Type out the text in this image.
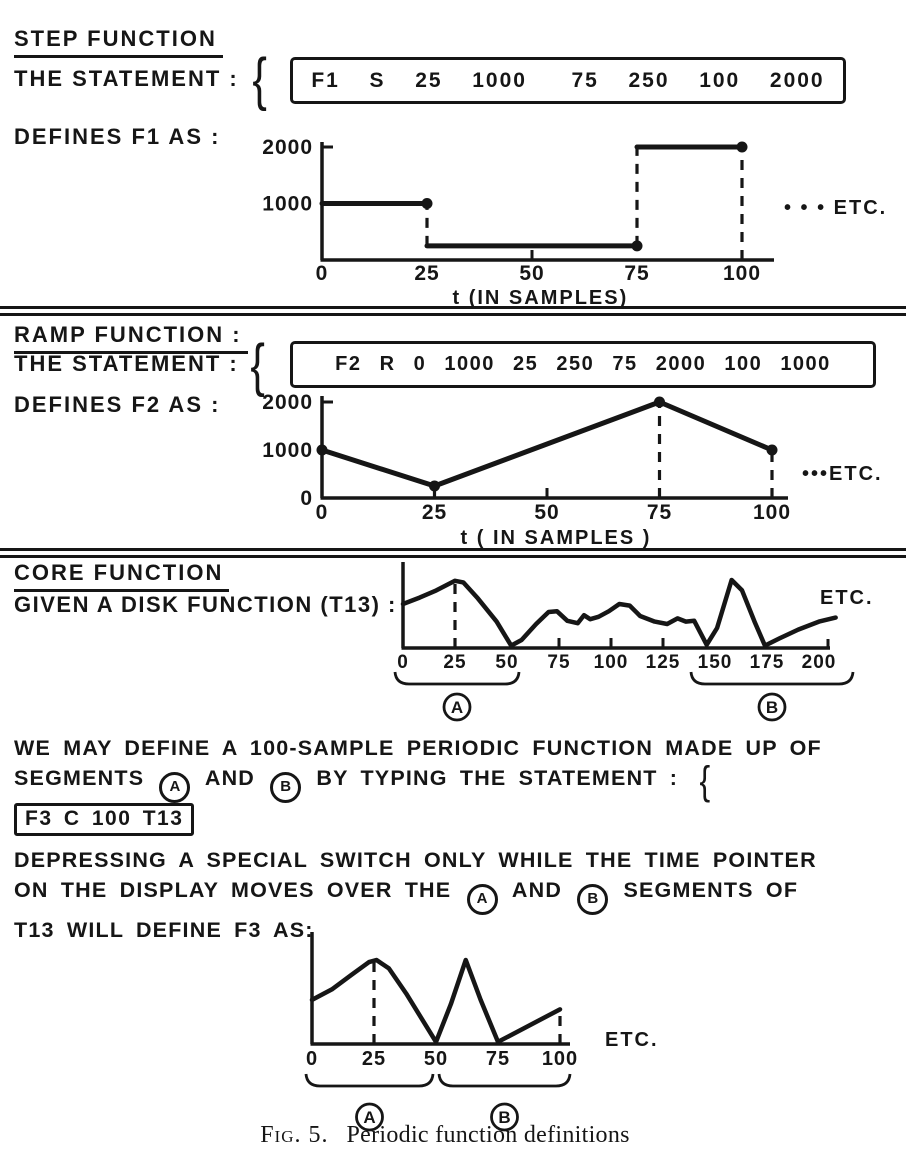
STEP FUNCTION
THE STATEMENT : { F1  S  25  1000   75  250  100  2000
DEFINES F1 AS :
0	25	50	75	100
1000
2000
t (IN SAMPLES)
• • • ETC.
RAMP FUNCTION :
THE STATEMENT : {	F2  R  0  1000  25  250  75  2000  100  1000
DEFINES F2 AS :
0	25	50	75	100
0
1000
2000
t ( IN SAMPLES )
•••ETC.
CORE FUNCTION
GIVEN A DISK FUNCTION (T13) :
0 25 50 75 100 125 150 175 200
ETC.
A	B
WE MAY DEFINE A 100-SAMPLE PERIODIC FUNCTION MADE UP OF
SEGMENTS A AND B BY TYPING THE STATEMENT : { F3 C 100 T13
DEPRESSING A SPECIAL SWITCH ONLY WHILE THE TIME POINTER
ON THE DISPLAY MOVES OVER THE A AND B SEGMENTS OF
T13 WILL DEFINE F3 AS:
0 25 50 75 100
ETC.
A	B
Fig. 5. Periodic function definitions
